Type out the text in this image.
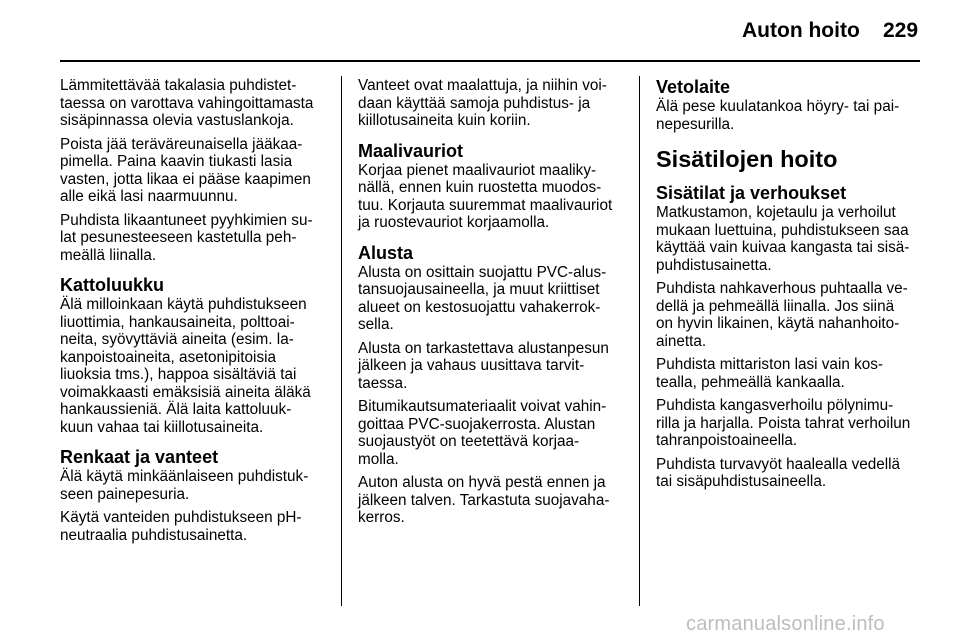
Auton hoito 229

Lämmitettävää takalasia puhdistet-
taessa on varottava vahingoittamasta
sisäpinnassa olevia vastuslankoja.

Poista jää teräväreunaisella jääkaa-
pimella. Paina kaavin tiukasti lasia
vasten, jotta likaa ei pääse kaapimen
alle eikä lasi naarmuunnu.

Puhdista likaantuneet pyyhkimien su-
lat pesunesteeseen kastetulla peh-
meällä liinalla.

Kattoluukku

Älä milloinkaan käytä puhdistukseen
liuottimia, hankausaineita, polttoai-
neita, syövyttäviä aineita (esim. la-
kanpoistoaineita, asetonipitoisia
liuoksia tms.), happoa sisältäviä tai
voimakkaasti emäksisiä aineita äläkä
hankaussieniä. Älä laita kattoluuk-
kuun vahaa tai kiillotusaineita.

Renkaat ja vanteet

Älä käytä minkäänlaiseen puhdistuk-
seen painepesuria.

Käytä vanteiden puhdistukseen pH-
neutraalia puhdistusainetta.

Vanteet ovat maalattuja, ja niihin voi-
daan käyttää samoja puhdistus- ja
kiillotusaineita kuin koriin.

Maalivauriot

Korjaa pienet maalivauriot maaliky-
nällä, ennen kuin ruostetta muodos-
tuu. Korjauta suuremmat maalivauriot
ja ruostevauriot korjaamolla.

Alusta

Alusta on osittain suojattu PVC-alus-
tansuojausaineella, ja muut kriittiset
alueet on kestosuojattu vahakerrok-
sella.

Alusta on tarkastettava alustanpesun
jälkeen ja vahaus uusittava tarvit-
taessa.

Bitumikautsumateriaalit voivat vahin-
goittaa PVC-suojakerrosta. Alustan
suojaustyöt on teetettävä korjaa-
molla.

Auton alusta on hyvä pestä ennen ja
jälkeen talven. Tarkastuta suojavaha-
kerros.

Vetolaite

Älä pese kuulatankoa höyry- tai pai-
nepesurilla.

Sisätilojen hoito
Sisätilat ja verhoukset

Matkustamon, kojetaulu ja verhoilut
mukaan luettuina, puhdistukseen saa
käyttää vain kuivaa kangasta tai sisä-
puhdistusainetta.

Puhdista nahkaverhous puhtaalla ve-
dellä ja pehmeällä liinalla. Jos siinä
on hyvin likainen, käytä nahanhoito-
ainetta.

Puhdista mittariston lasi vain kos-
tealla, pehmeällä kankaalla.

Puhdista kangasverhoilu pölynimu-
rilla ja harjalla. Poista tahrat verhoilun
tahranpoistoaineella.

Puhdista turvavyöt haalealla vedellä
tai sisäpuhdistusaineella.

carmanualsonline.info
